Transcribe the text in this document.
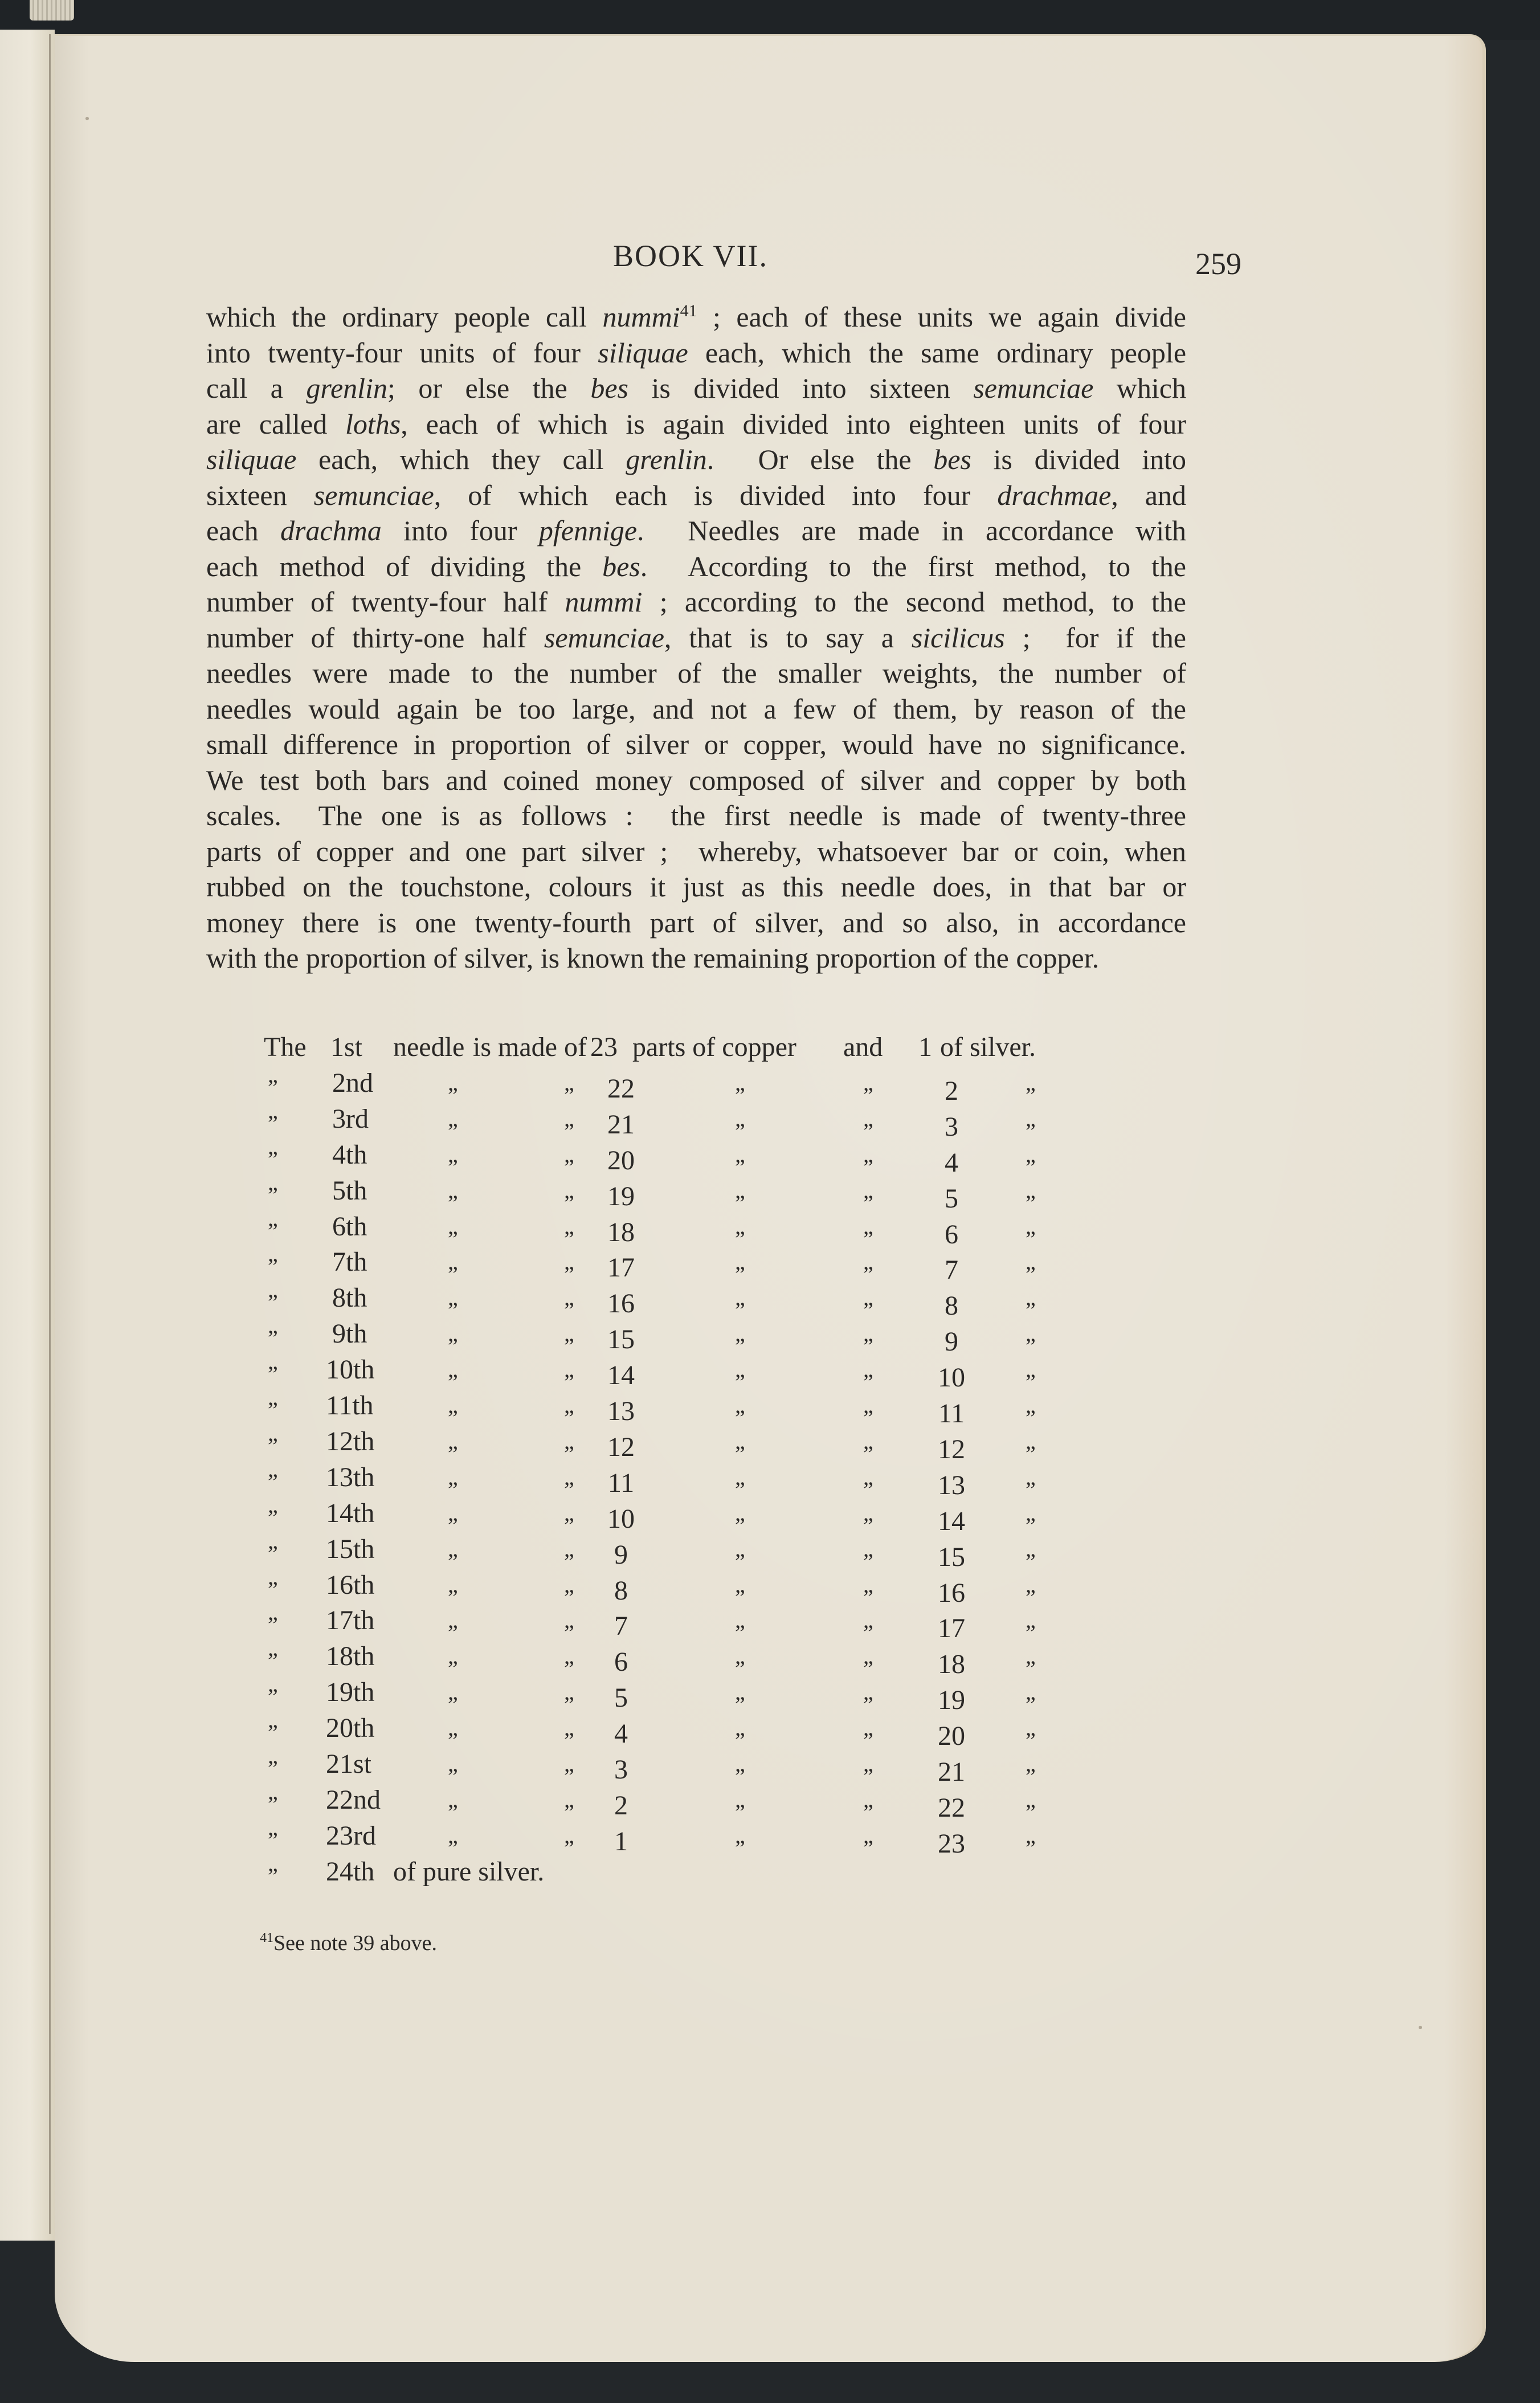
BOOK VII.	259
which the ordinary people call nummi$^{41}$ ; each of these units we again divide
into twenty-four units of four siliquae each, which the same ordinary people
call a grenlin; or else the bes is divided into sixteen semunciae which
are called loths, each of which is again divided into eighteen units of four
siliquae each, which they call grenlin.  Or else the bes is divided into
sixteen semunciae, of which each is divided into four drachmae, and
each drachma into four pfennige.  Needles are made in accordance with
each method of dividing the bes.  According to the first method, to the
number of twenty-four half nummi ; according to the second method, to the
number of thirty-one half semunciae, that is to say a sicilicus ;  for if the
needles were made to the number of the smaller weights, the number of
needles would again be too large, and not a few of them, by reason of the
small difference in proportion of silver or copper, would have no significance.
We test both bars and coined money composed of silver and copper by both
scales.  The one is as follows :  the first needle is made of twenty-three
parts of copper and one part silver ;  whereby, whatsoever bar or coin, when
rubbed on the touchstone, colours it just as this needle does, in that bar or
money there is one twenty-fourth part of silver, and so also, in accordance
with the proportion of silver, is known the remaining proportion of the copper.
The 1st needle is made of 23 parts of copper and 1 of silver.
” 2nd	”	” 22	”	”	2	”
” 3rd	”	” 21	”	”	3	”
” 4th	”	” 20	”	”	4	”
” 5th	”	” 19	”	”	5	”
” 6th	”	” 18	”	”	6	”
” 7th	”	” 17	”	”	7	”
” 8th	”	” 16	”	”	8	”
” 9th	”	” 15	”	”	9	”
” 10th	”	” 14	”	” 10	”
” 11th	”	” 13	”	” 11	”
” 12th	”	” 12	”	” 12	”
” 13th	”	” 11	”	” 13	”
” 14th	”	” 10	”	” 14	”
” 15th	”	”	9	”	” 15	”
” 16th	”	”	8	”	” 16	”
” 17th	”	”	7	”	” 17	”
” 18th	”	”	6	”	” 18	”
” 19th	”	”	5	”	” 19	”
” 20th	”	”	4	”	” 20	”
” 21st	”	”	3	”	” 21	”
” 22nd	”	”	2	”	” 22	”
” 23rd	”	”	1	”	” 23	”
” 24th of pure silver.
$^{41}$See note 39 above.
